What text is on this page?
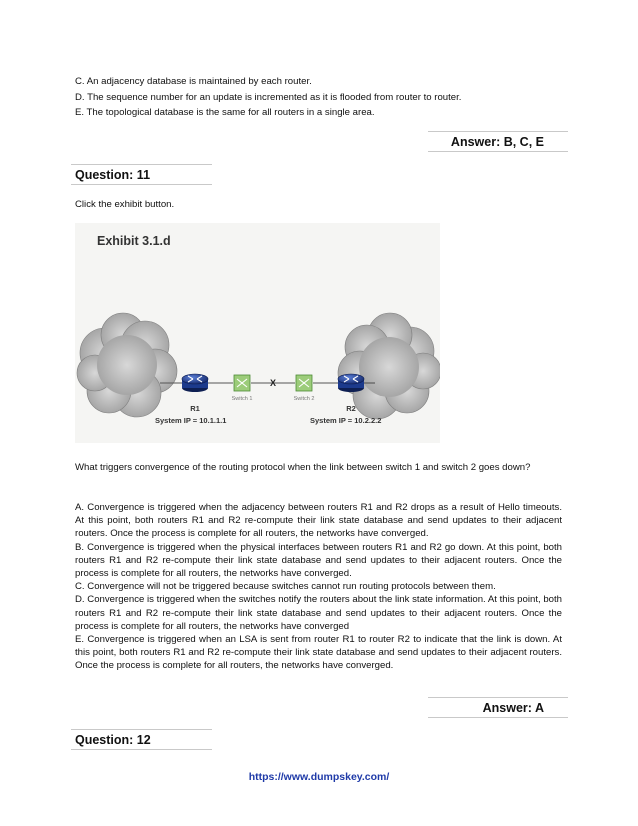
C. An adjacency database is maintained by each router.
D. The sequence number for an update is incremented as it is flooded from router to router.
E. The topological database is the same for all routers in a single area.
Answer: B, C, E
Question: 11
Click the exhibit button.
Exhibit 3.1.d
R1
System IP = 10.1.1.1
Switch 1
X
Switch 2
R2
System IP = 10.2.2.2
What triggers convergence of the routing protocol when the link between switch 1 and switch 2 goes down?

A. Convergence is triggered when the adjacency between routers R1 and R2 drops as a result of Hello timeouts. At this point, both routers R1 and R2 re-compute their link state database and send updates to their adjacent routers. Once the process is complete for all routers, the networks have converged.

B. Convergence is triggered when the physical interfaces between routers R1 and R2 go down. At this point, both routers R1 and R2 re-compute their link state database and send updates to their adjacent routers. Once the process is complete for all routers, the networks have converged.

C. Convergence will not be triggered because switches cannot run routing protocols between them.

D. Convergence is triggered when the switches notify the routers about the link state information. At this point, both routers R1 and R2 re-compute their link state database and send updates to their adjacent routers. Once the process is complete for all routers, the networks have converged

E. Convergence is triggered when an LSA is sent from router R1 to router R2 to indicate that the link is down. At this point, both routers R1 and R2 re-compute their link state database and send updates to their adjacent routers. Once the process is complete for all routers, the networks have converged.

Answer: A
Question: 12
https://www.dumpskey.com/
